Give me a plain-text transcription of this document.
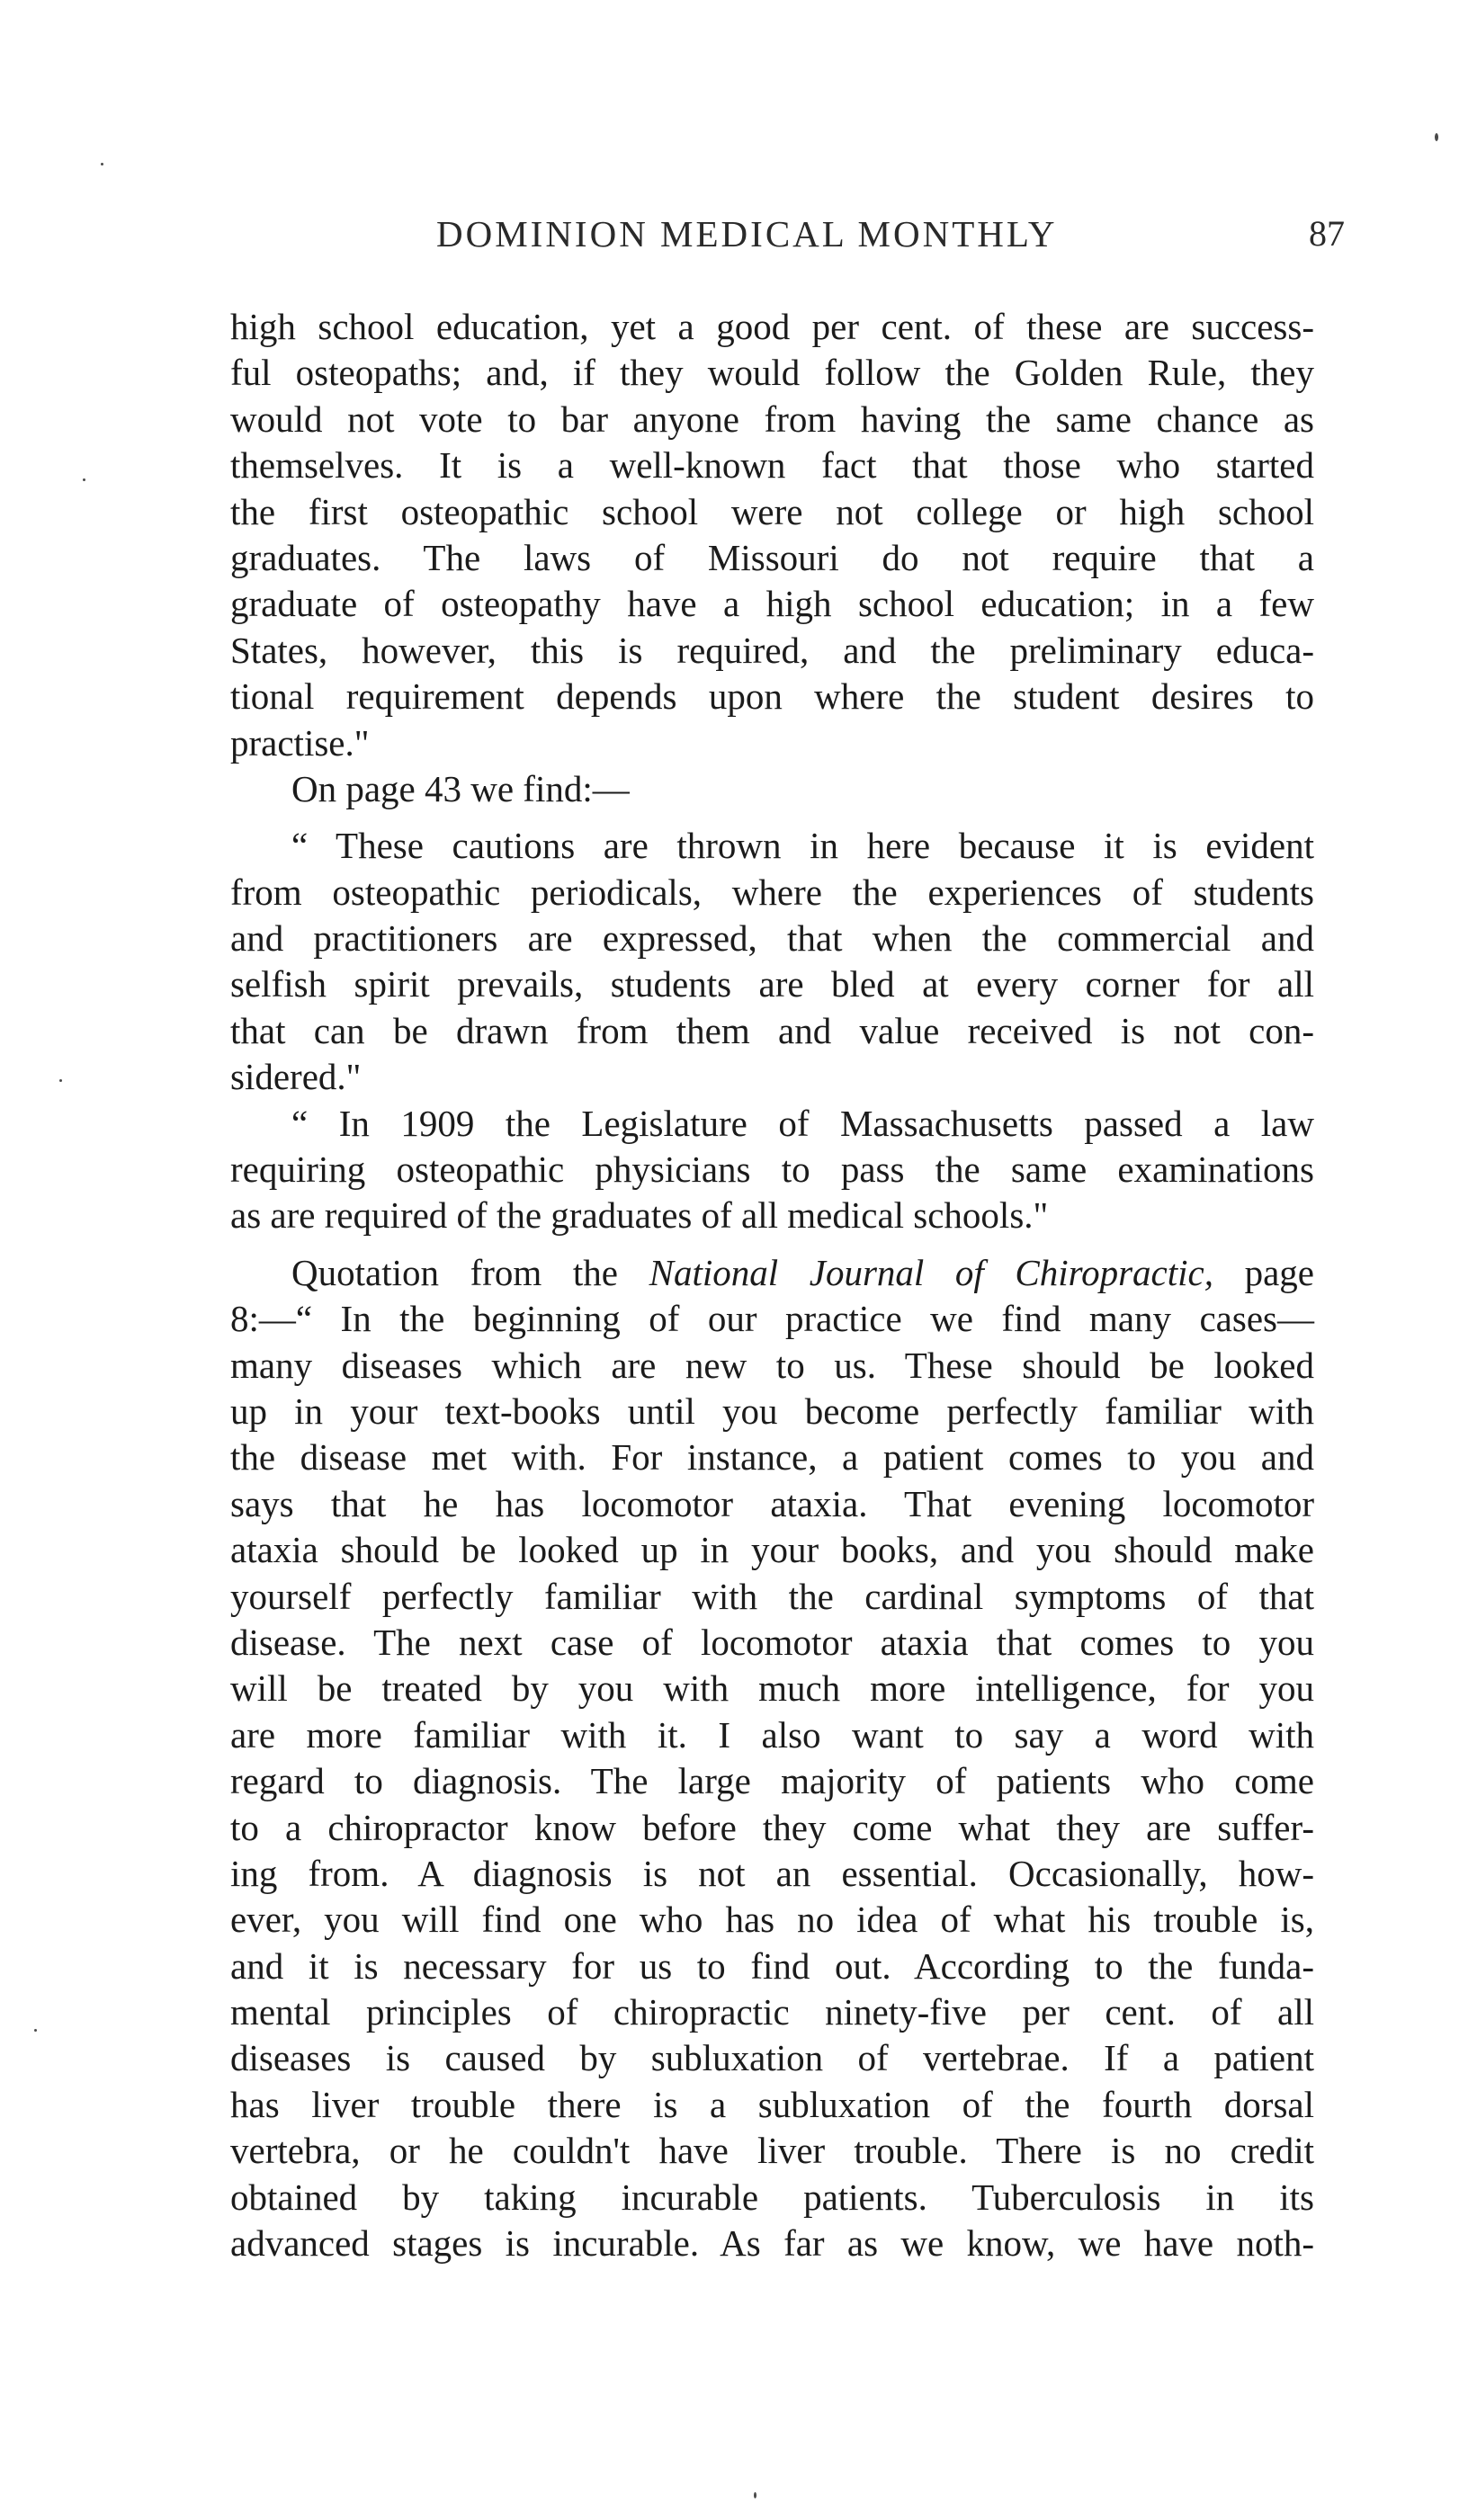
DOMINION MEDICAL MONTHLY	87
high school education, yet a good per cent. of these are success-
ful osteopaths; and, if they would follow the Golden Rule, they
would not vote to bar anyone from having the same chance as
themselves. It is a well-known fact that those who started
the first osteopathic school were not college or high school
graduates. The laws of Missouri do not require that a
graduate of osteopathy have a high school education; in a few
States, however, this is required, and the preliminary educa-
tional requirement depends upon where the student desires to
practise."
On page 43 we find:—
“ These cautions are thrown in here because it is evident
from osteopathic periodicals, where the experiences of students
and practitioners are expressed, that when the commercial and
selfish spirit prevails, students are bled at every corner for all
that can be drawn from them and value received is not con-
sidered."
“ In 1909 the Legislature of Massachusetts passed a law
requiring osteopathic physicians to pass the same examinations
as are required of the graduates of all medical schools."
Quotation from the National Journal of Chiropractic, page
8:—“ In the beginning of our practice we find many cases—
many diseases which are new to us. These should be looked
up in your text-books until you become perfectly familiar with
the disease met with. For instance, a patient comes to you and
says that he has locomotor ataxia. That evening locomotor
ataxia should be looked up in your books, and you should make
yourself perfectly familiar with the cardinal symptoms of that
disease. The next case of locomotor ataxia that comes to you
will be treated by you with much more intelligence, for you
are more familiar with it. I also want to say a word with
regard to diagnosis. The large majority of patients who come
to a chiropractor know before they come what they are suffer-
ing from. A diagnosis is not an essential. Occasionally, how-
ever, you will find one who has no idea of what his trouble is,
and it is necessary for us to find out. According to the funda-
mental principles of chiropractic ninety-five per cent. of all
diseases is caused by subluxation of vertebrae. If a patient
has liver trouble there is a subluxation of the fourth dorsal
vertebra, or he couldn't have liver trouble. There is no credit
obtained by taking incurable patients. Tuberculosis in its
advanced stages is incurable. As far as we know, we have noth-
